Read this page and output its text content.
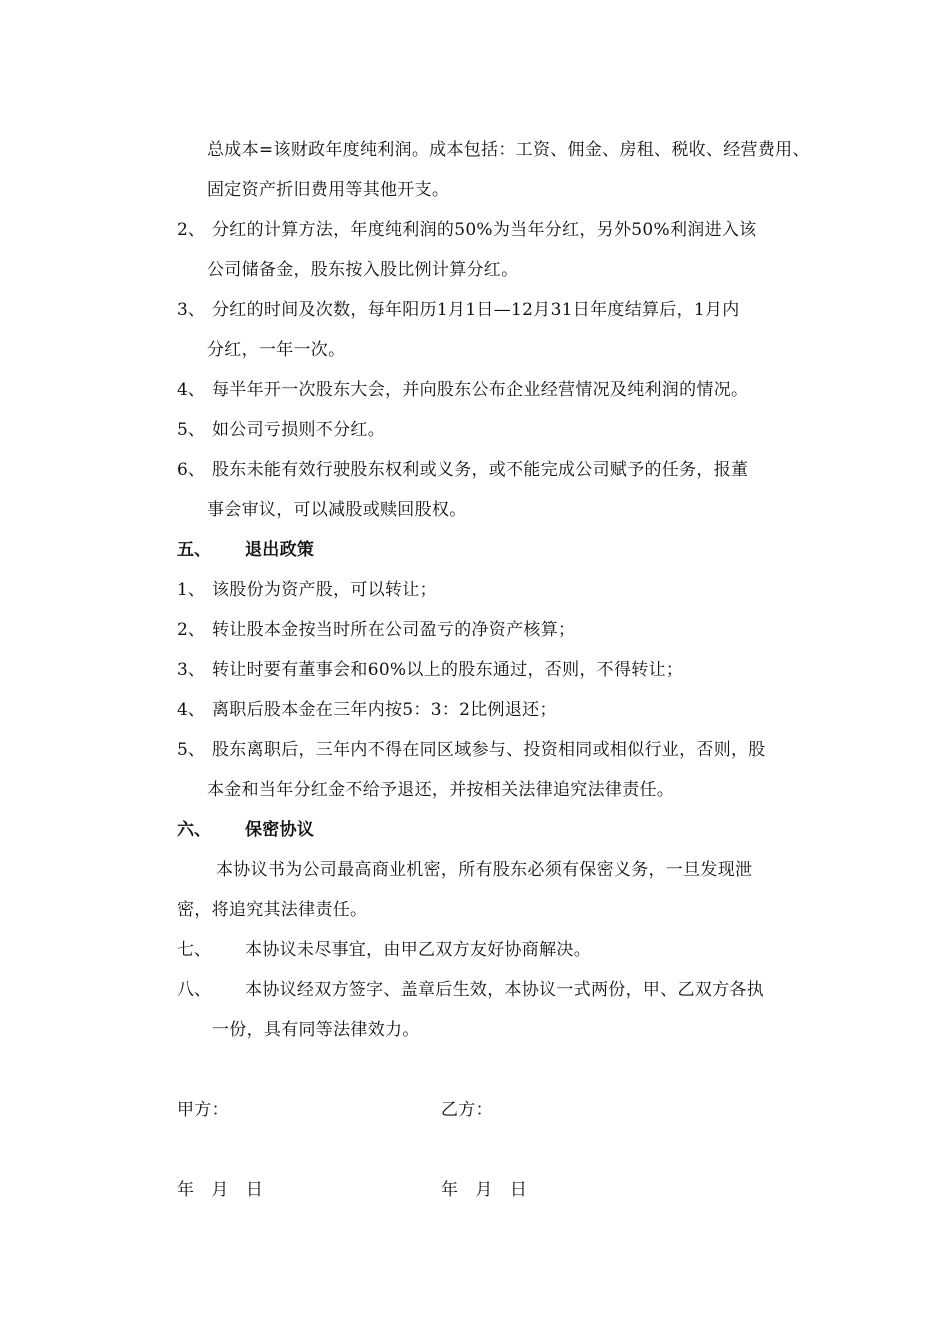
总成本=该财政年度纯利润。成本包括：工资、佣金、房租、税收、经营费用、
固定资产折旧费用等其他开支。
2、 分红的计算方法，年度纯利润的50%为当年分红，另外50%利润进入该
公司储备金，股东按入股比例计算分红。
3、 分红的时间及次数，每年阳历1月1日—12月31日年度结算后，1月内
分红，一年一次。
4、 每半年开一次股东大会，并向股东公布企业经营情况及纯利润的情况。
5、 如公司亏损则不分红。
6、 股东未能有效行驶股东权利或义务，或不能完成公司赋予的任务，报董
事会审议，可以减股或赎回股权。
五、 退出政策
1、 该股份为资产股，可以转让；
2、 转让股本金按当时所在公司盈亏的净资产核算；
3、 转让时要有董事会和60%以上的股东通过，否则，不得转让；
4、 离职后股本金在三年内按5：3：2比例退还；
5、 股东离职后，三年内不得在同区域参与、投资相同或相似行业，否则，股
本金和当年分红金不给予退还，并按相关法律追究法律责任。
六、 保密协议
本协议书为公司最高商业机密，所有股东必须有保密义务，一旦发现泄
密，将追究其法律责任。
七、 本协议未尽事宜，由甲乙双方友好协商解决。
八、 本协议经双方签字、盖章后生效，本协议一式两份，甲、乙双方各执
一份，具有同等法律效力。
甲方：	乙方：
年   月   日	年   月   日
